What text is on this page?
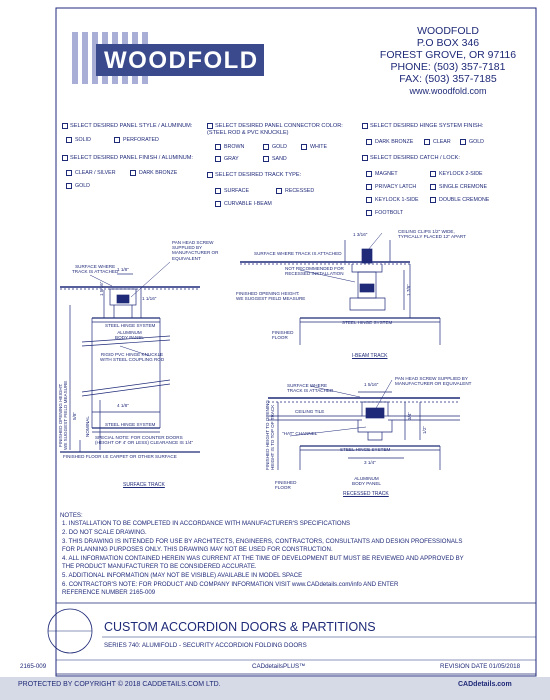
WOODFOLD
WOODFOLD
P.O BOX 346
FOREST GROVE, OR 97116
PHONE: (503) 357-7181
FAX: (503) 357-7185
www.woodfold.com
SELECT DESIRED PANEL STYLE / ALUMINUM:
SOLID	PERFORATED
SELECT DESIRED PANEL FINISH / ALUMINUM:
CLEAR / SILVER	DARK BRONZE
GOLD
SELECT DESIRED PANEL CONNECTOR COLOR:
(STEEL ROD & PVC KNUCKLE)
BROWN	GOLD	WHITE
GRAY	SAND
SELECT DESIRED TRACK TYPE:
SURFACE	RECESSED
CURVABLE I-BEAM
SELECT DESIRED HINGE SYSTEM FINISH:
DARK BRONZE	CLEAR	GOLD
SELECT DESIRED CATCH / LOCK:
MAGNET	KEYLOCK 2-SIDE
PRIVACY LATCH	SINGLE CREMONE
KEYLOCK 1-SIDE	DOUBLE CREMONE
FOOTBOLT
PAN HEAD SCREW
SUPPLIED BY
MANUFACTURER OR
EQUIVALENT
SURFACE WHERE
TRACK IS ATTACHED
1 1/8"
1 5/16"
1 1/16"
STEEL HINGE SYSTEM
ALUMINUM
BODY PANEL
RIGID PVC HINGE KNUCKLE
WITH STEEL COUPLING ROD
FINISHED OPENING HEIGHT:
WE SUGGEST FIELD MEASURE
4 1/8"
NOMINAL
5/8"
STEEL HINGE SYSTEM
SPECIAL NOTE: FOR COUNTER DOORS
(HEIGHT OF 4' OR LESS) CLEARANCE IS 1/4"
FINISHED FLOOR I.E CARPET OR OTHER SURFACE
SURFACE TRACK
1 3/16"
CEILING CLIPS 1/2" WIDE,
TYPICALLY PLACED 12" APART
SURFACE WHERE TRACK IS ATTACHED
NOT RECOMMENDED FOR
RECESSED INSTALLATION
FINISHED OPENING HEIGHT:
WE SUGGEST FIELD MEASURE
1 7/8"
STEEL HINGE SYSTEM
FINISHED
FLOOR
I-BEAM TRACK
PAN HEAD SCREW SUPPLIED BY
MANUFACTURER OR EQUIVALENT
1 5/16"
SURFACE WHERE
TRACK IS ATTACHED
3/4"
1/2"
CEILING TILE
"HAT" CHANNEL
FINISHED HEIGHT TO OPENING
HEIGHT IS TO TOP OF TRACK
STEEL HINGE SYSTEM
3 1/4"
FINISHED
FLOOR
ALUMINUM
BODY PANEL
RECESSED TRACK
NOTES:
1. INSTALLATION TO BE COMPLETED IN ACCORDANCE WITH MANUFACTURER'S SPECIFICATIONS
2. DO NOT SCALE DRAWING.
3. THIS DRAWING IS INTENDED FOR USE BY ARCHITECTS, ENGINEERS, CONTRACTORS, CONSULTANTS AND DESIGN PROFESSIONALS
FOR PLANNING PURPOSES ONLY. THIS DRAWING MAY NOT BE USED FOR CONSTRUCTION.
4. ALL INFORMATION CONTAINED HEREIN WAS CURRENT AT THE TIME OF DEVELOPMENT BUT MUST BE REVIEWED AND APPROVED BY
THE PRODUCT MANUFACTURER TO BE CONSIDERED ACCURATE.
5. ADDITIONAL INFORMATION (MAY NOT BE VISIBLE) AVAILABLE IN MODEL SPACE
6. CONTRACTOR'S NOTE: FOR PRODUCT AND COMPANY INFORMATION VISIT www.CADdetails.com/info AND ENTER
REFERENCE NUMBER 2165-009
CUSTOM ACCORDION DOORS & PARTITIONS
SERIES 740: ALUMIFOLD - SECURITY ACCORDION FOLDING DOORS
2165-009	CADdetailsPLUS™	REVISION DATE 01/05/2018
PROTECTED BY COPYRIGHT © 2018 CADDETAILS.COM LTD.	CADdetails.com
